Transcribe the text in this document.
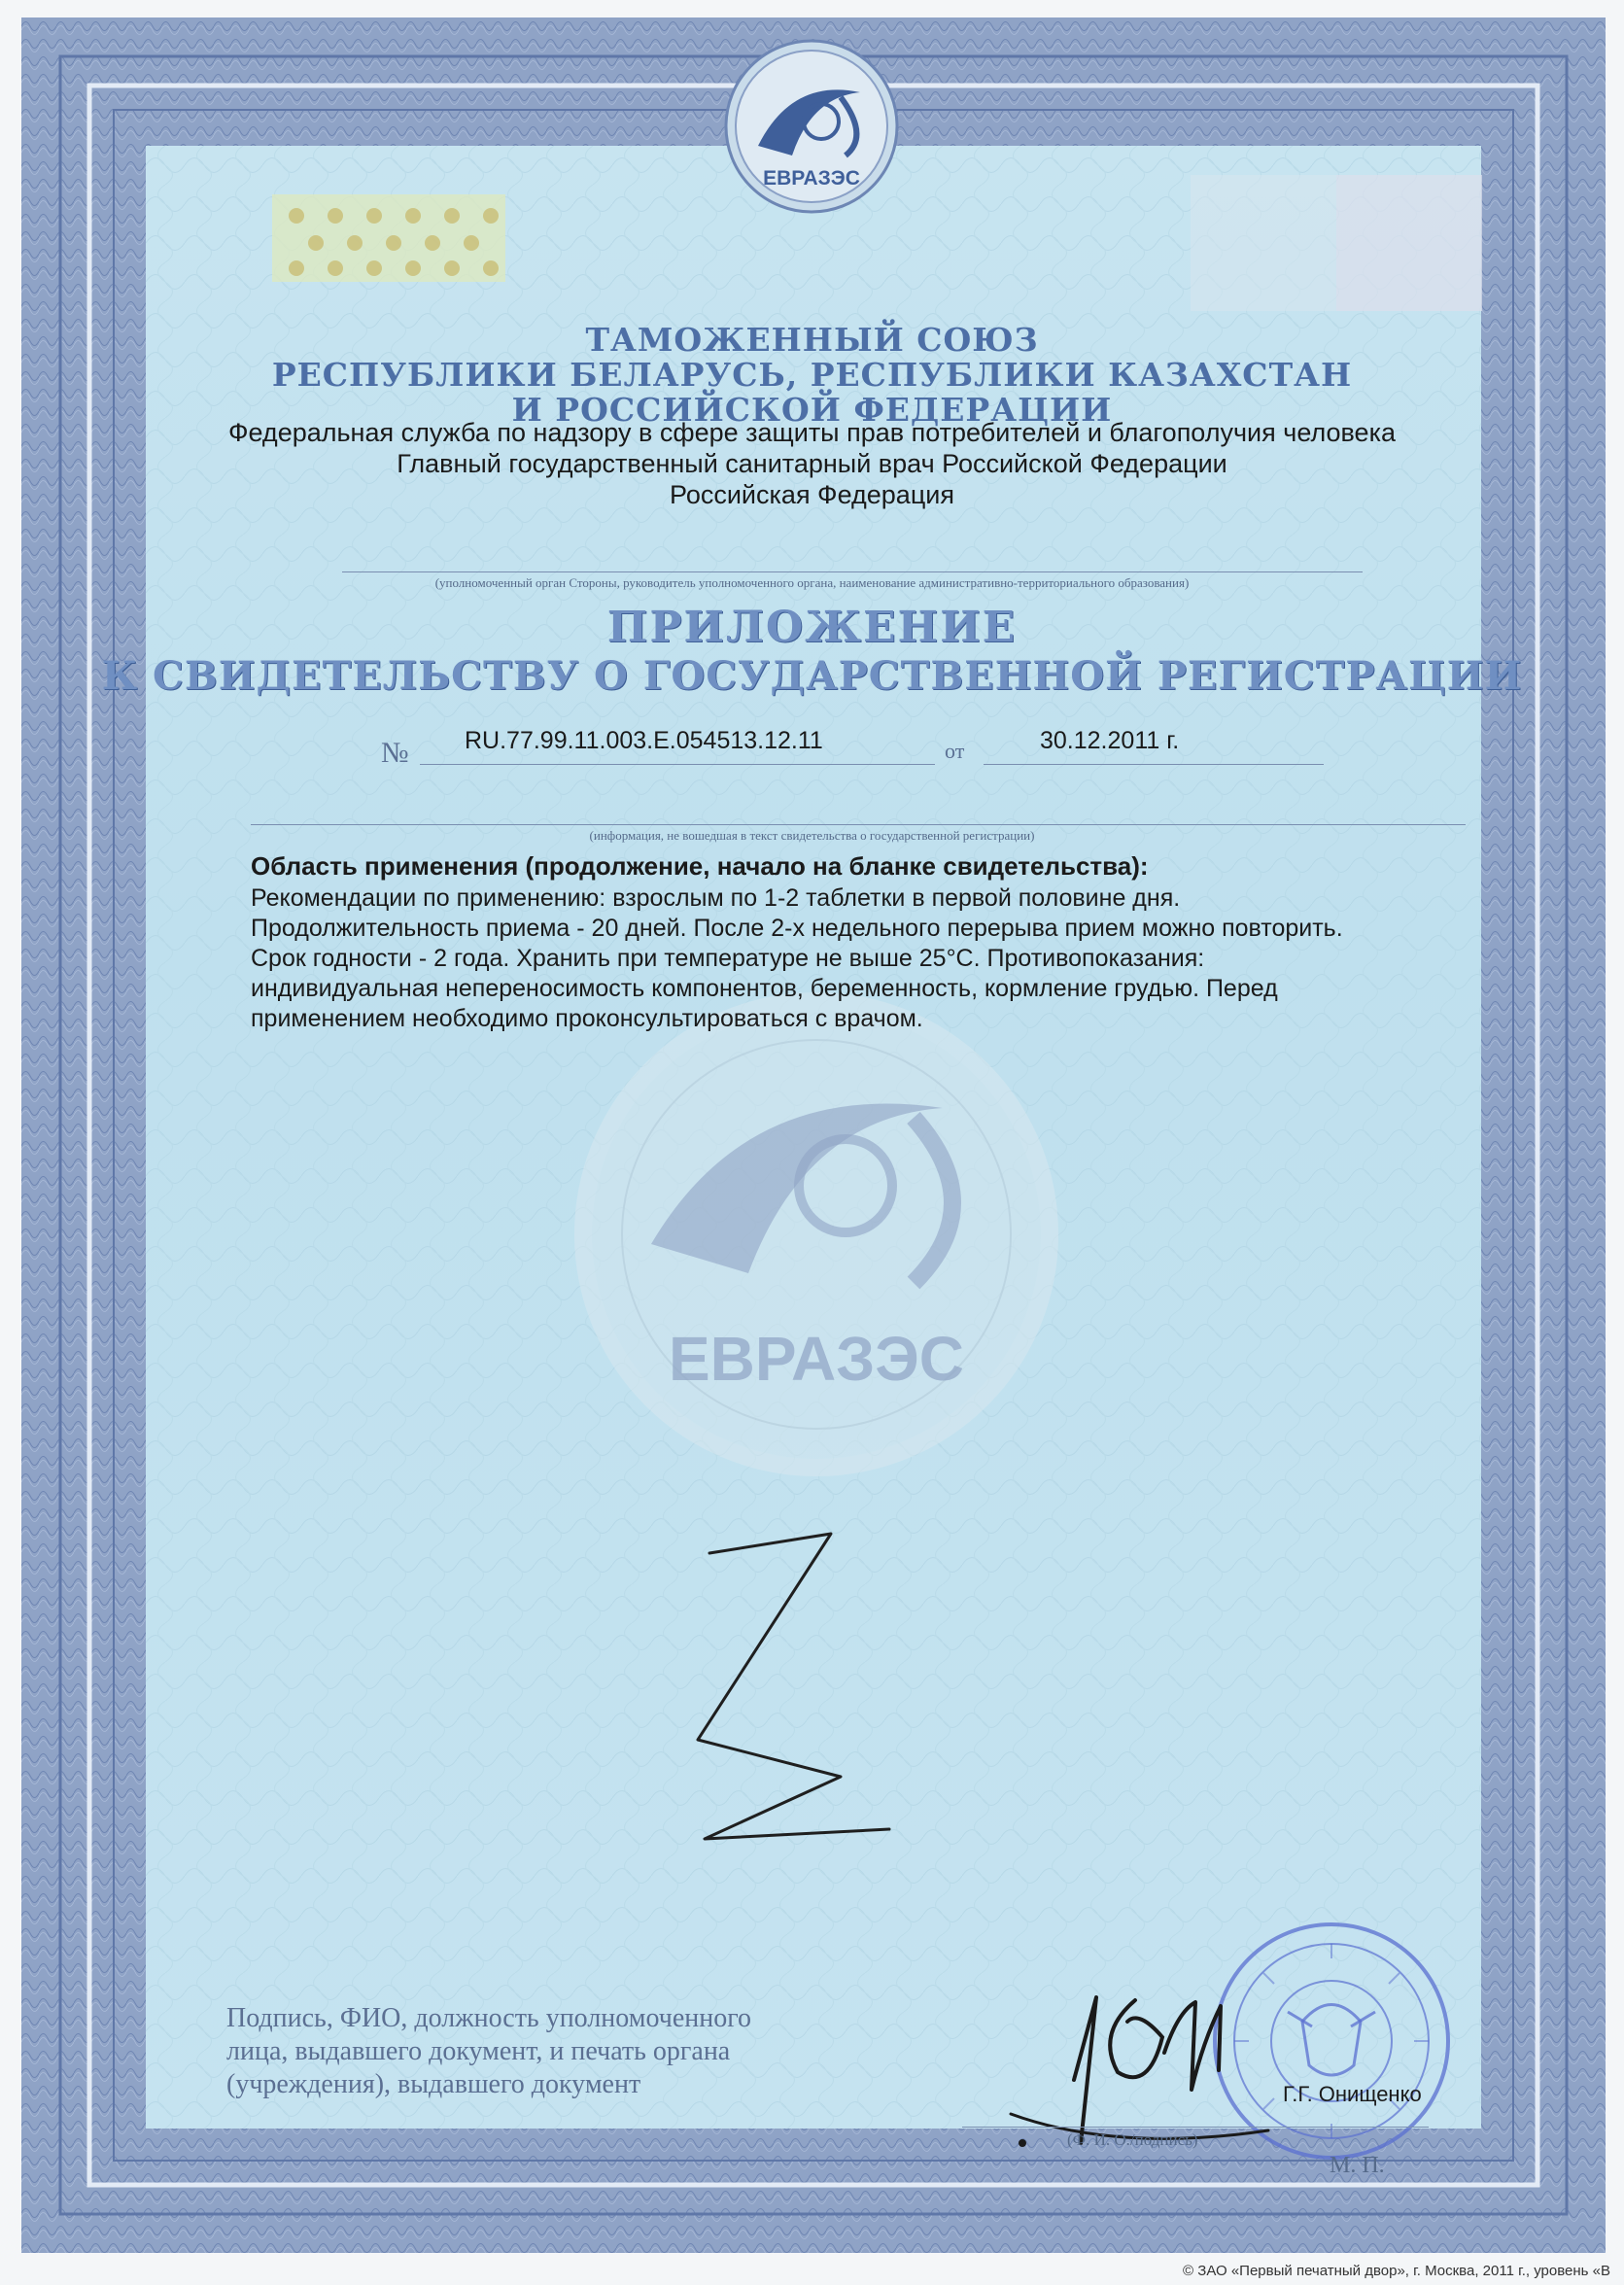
ЕВРАЗЭС
ЕВРАЗЭС
ТАМОЖЕННЫЙ СОЮЗ
РЕСПУБЛИКИ БЕЛАРУСЬ, РЕСПУБЛИКИ КАЗАХСТАН
И РОССИЙСКОЙ ФЕДЕРАЦИИ
Федеральная служба по надзору в сфере защиты прав потребителей и благополучия человека
Главный государственный санитарный врач Российской Федерации
Российская Федерация
(уполномоченный орган Стороны, руководитель уполномоченного органа, наименование административно-территориального образования)
ПРИЛОЖЕНИЕ
К СВИДЕТЕЛЬСТВУ О ГОСУДАРСТВЕННОЙ РЕГИСТРАЦИИ
№ RU.77.99.11.003.E.054513.12.11	от	30.12.2011 г.
(информация, не вошедшая в текст свидетельства о государственной регистрации)
Область применения (продолжение, начало на бланке свидетельства):
Рекомендации по применению: взрослым по 1-2 таблетки в первой половине дня.
Продолжительность приема - 20 дней. После 2-х недельного перерыва прием можно повторить.
Срок годности - 2 года. Хранить при температуре не выше 25°С. Противопоказания:
индивидуальная непереносимость компонентов, беременность, кормление грудью. Перед
применением необходимо проконсультироваться с врачом.
Подпись, ФИО, должность уполномоченного
лица, выдавшего документ, и печать органа
(учреждения), выдавшего документ	Г.Г. Онищенко
(Ф. И. О./подпись)
М. П.
© ЗАО «Первый печатный двор», г. Москва, 2011 г., уровень «В
